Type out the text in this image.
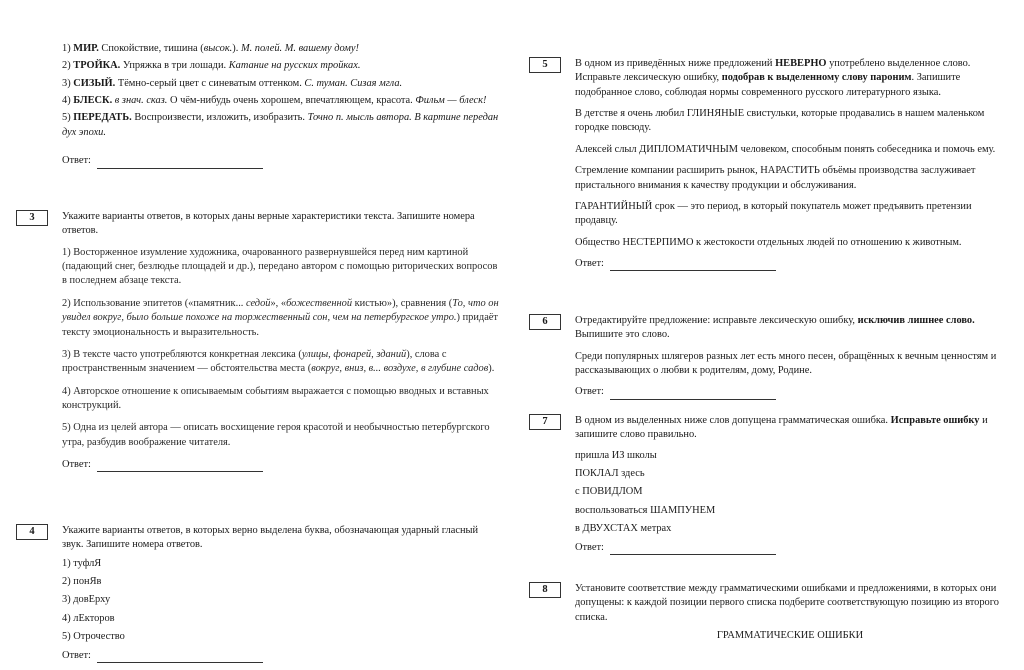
1) МИР. Спокойствие, тишина (высок.). М. полей. М. вашему дому!

2) ТРОЙКА. Упряжка в три лошади. Катание на русских тройках.

3) СИЗЫЙ. Тёмно-серый цвет с синеватым оттенком. С. туман. Сизая мгла.

4) БЛЕСК. в знач. сказ. О чём-нибудь очень хорошем, впечатляющем, красота. Фильм — блеск!

5) ПЕРЕДАТЬ. Воспроизвести, изложить, изобразить. Точно п. мысль автора. В картине передан дух эпохи.

Ответ:
3	Укажите варианты ответов, в которых даны верные характеристики текста. Запишите номера ответов.

1) Восторженное изумление художника, очарованного развернувшейся перед ним картиной (падающий снег, безлюдье площадей и др.), передано автором с помощью риторических вопросов в последнем абзаце текста.

2) Использование эпитетов («памятник... седой», «божественной кистью»), сравнения (То, что он увидел вокруг, было больше похоже на торжественный сон, чем на петербургское утро.) придаёт тексту эмоциональность и выразительность.

3) В тексте часто употребляются конкретная лексика (улицы, фонарей, зданий), слова с пространственным значением — обстоятельства места (вокруг, вниз, в... воздухе, в глубине садов).

4) Авторское отношение к описываемым событиям выражается с помощью вводных и вставных конструкций.

5) Одна из целей автора — описать восхищение героя красотой и необычностью петербургского утра, разбудив воображение читателя.

Ответ:
4	Укажите варианты ответов, в которых верно выделена буква, обозначающая ударный гласный звук. Запишите номера ответов.

1) туфлЯ

2) понЯв

3) довЕрху

4) лЕкторов

5) Отрочество

Ответ:
5	В одном из приведённых ниже предложений НЕВЕРНО употреблено выделенное слово. Исправьте лексическую ошибку, подобрав к выделенному слову пароним. Запишите подобранное слово, соблюдая нормы современного русского литературного языка.

В детстве я очень любил ГЛИНЯНЫЕ свистульки, которые продавались в нашем маленьком городке повсюду.

Алексей слыл ДИПЛОМАТИЧНЫМ человеком, способным понять собеседника и помочь ему.

Стремление компании расширить рынок, НАРАСТИТЬ объёмы производства заслуживает пристального внимания к качеству продукции и обслуживания.

ГАРАНТИЙНЫЙ срок — это период, в который покупатель может предъявить претензии продавцу.

Общество НЕСТЕРПИМО к жестокости отдельных людей по отношению к животным.

Ответ:
6	Отредактируйте предложение: исправьте лексическую ошибку, исключив лишнее слово. Выпишите это слово.

Среди популярных шлягеров разных лет есть много песен, обращённых к вечным ценностям и рассказывающих о любви к родителям, дому, Родине.

Ответ:
7	В одном из выделенных ниже слов допущена грамматическая ошибка. Исправьте ошибку и запишите слово правильно.

пришла ИЗ школы

ПОКЛАЛ здесь

с ПОВИДЛОМ

воспользоваться ШАМПУНЕМ

в ДВУХСТАХ метрах

Ответ:
8	Установите соответствие между грамматическими ошибками и предложениями, в которых они допущены: к каждой позиции первого списка подберите соответствующую позицию из второго списка.

ГРАММАТИЧЕСКИЕ ОШИБКИ
